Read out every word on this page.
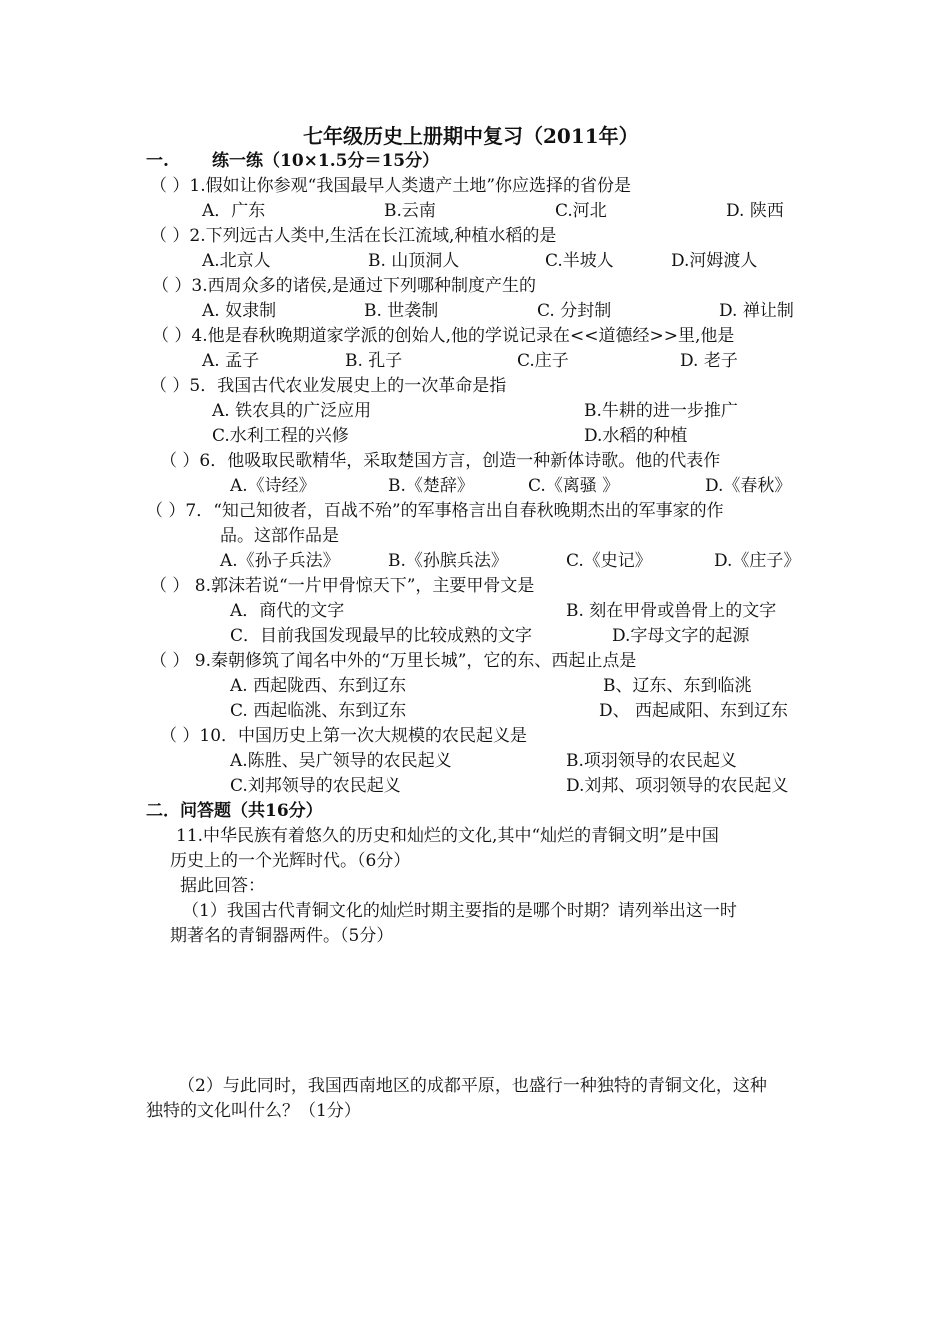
七年级历史上册期中复习（2011年）
一.	练一练（10×1.5分＝15分）
（ ）1.假如让你参观“我国最早人类遗产土地”你应选择的省份是
A．广东	B.云南	C.河北	D. 陕西
（ ）2.下列远古人类中,生活在长江流域,种植水稻的是
A.北京人	B. 山顶洞人	C.半坡人	D.河姆渡人
（ ）3.西周众多的诸侯,是通过下列哪种制度产生的
A. 奴隶制	B. 世袭制	C. 分封制	D. 禅让制
（ ）4.他是春秋晚期道家学派的创始人,他的学说记录在<<道德经>>里,他是
A. 孟子	B. 孔子	C.庄子	D. 老子
（ ）5．我国古代农业发展史上的一次革命是指
A. 铁农具的广泛应用	B.牛耕的进一步推广
C.水利工程的兴修	D.水稻的种植
（ ）6．他吸取民歌精华，采取楚国方言，创造一种新体诗歌。他的代表作
A.《诗经》	B.《楚辞》	C.《离骚 》	D.《春秋》
（ ）7．“知己知彼者，百战不殆”的军事格言出自春秋晚期杰出的军事家的作
品。这部作品是
A.《孙子兵法》	B.《孙膑兵法》	C.《史记》	D.《庄子》
（ ） 8.郭沫若说“一片甲骨惊天下”，主要甲骨文是
A．商代的文字	B. 刻在甲骨或兽骨上的文字
C．目前我国发现最早的比较成熟的文字	D.字母文字的起源
（ ） 9.秦朝修筑了闻名中外的“万里长城”，它的东、西起止点是
A. 西起陇西、东到辽东	B、辽东、东到临洮
C. 西起临洮、东到辽东	D、 西起咸阳、东到辽东
（ ）10．中国历史上第一次大规模的农民起义是
A.陈胜、吴广领导的农民起义	B.项羽领导的农民起义
C.刘邦领导的农民起义	D.刘邦、项羽领导的农民起义
二．问答题（共16分）
11.中华民族有着悠久的历史和灿烂的文化,其中“灿烂的青铜文明”是中国
历史上的一个光辉时代。（6分）
据此回答：
（1）我国古代青铜文化的灿烂时期主要指的是哪个时期？请列举出这一时
期著名的青铜器两件。（5分）
（2）与此同时，我国西南地区的成都平原，也盛行一种独特的青铜文化，这种
独特的文化叫什么？（1分）
